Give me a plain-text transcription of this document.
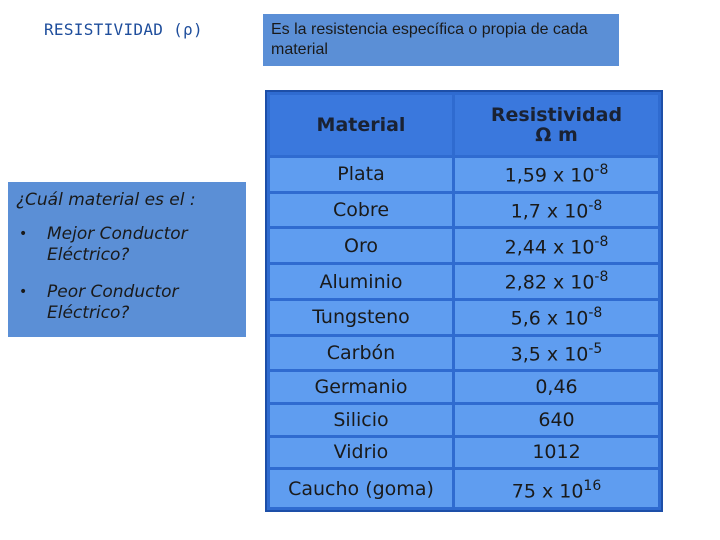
RESISTIVIDAD (ρ)	Es la resistencia específica o propia de cada material
¿Cuál material es el :
•	Mejor Conductor Eléctrico?
•	Peor Conductor Eléctrico?
Material	Resistividad
Ω m

Plata	1,59 x $10^{-8}$
Cobre	1,7 x $10^{-8}$
Oro	2,44 x $10^{-8}$
Aluminio	2,82 x $10^{-8}$
Tungsteno	5,6 x $10^{-8}$
Carbón	3,5 x $10^{-5}$
Germanio	0,46
Silicio	640
Vidrio	1012
Caucho (goma)	75 x $10^{16}$
